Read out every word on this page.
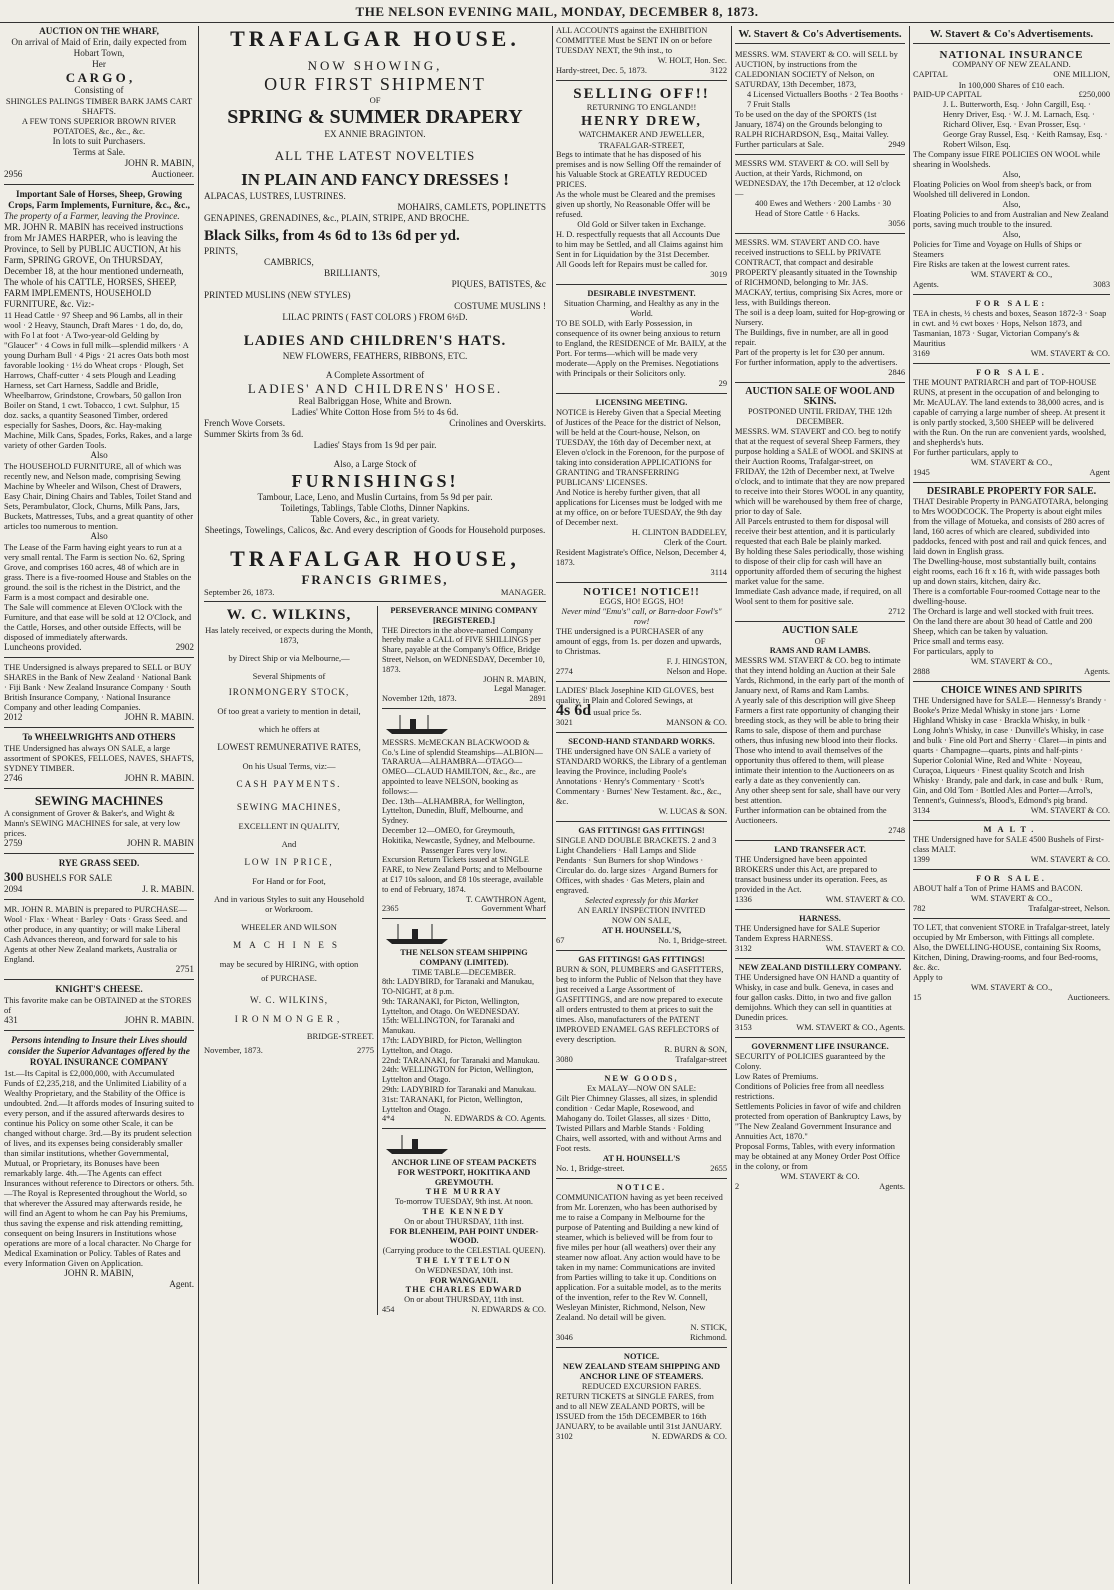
THE NELSON EVENING MAIL, MONDAY, DECEMBER 8, 1873.
AUCTION ON THE WHARF,
On arrival of Maid of Erin, daily expected from Hobart Town,
Her
C A R G O ,
Consisting of
SHINGLES PALINGS TIMBER BARK JAMS CART SHAFTS.
A FEW TONS SUPERIOR BROWN RIVER POTATOES, &c., &c., &c.
In lots to suit Purchasers.
Terms at Sale.
JOHN R. MABIN,
2956	Auctioneer.
Important Sale of Horses, Sheep, Growing Crops, Farm Implements, Furniture, &c., &c.,
The property of a Farmer, leaving the Province.
MR. JOHN R. MABIN has received instructions from Mr JAMES HARPER, who is leaving the Province, to Sell by PUBLIC AUCTION, At his Farm, SPRING GROVE, On THURSDAY, December 18, at the hour mentioned underneath, The whole of his CATTLE, HORSES, SHEEP, FARM IMPLEMENTS, HOUSEHOLD FURNITURE, &c. Viz:-
11 Head Cattle · 97 Sheep and 96 Lambs, all in their wool · 2 Heavy, Staunch, Draft Mares · 1 do, do, do, with Fo l at foot · A Two-year-old Gelding by "Glaucer" · 4 Cows in full milk—splendid milkers · A young Durham Bull · 4 Pigs · 21 acres Oats both most favorable looking · 1½ do Wheat crops · Plough, Set Harrows, Chaff-cutter · 4 sets Plough and Leading Harness, set Cart Harness, Saddle and Bridle, Wheelbarrow, Grindstone, Crowbars, 50 gallon Iron Boiler on Stand, 1 cwt. Tobacco, 1 cwt. Sulphur, 15 doz. sacks, a quantity Seasoned Timber, ordered especially for Sashes, Doors, &c. Hay-making Machine, Milk Cans, Spades, Forks, Rakes, and a large variety of other Garden Tools.
Also
The HOUSEHOLD FURNITURE, all of which was recently new, and Nelson made, comprising Sewing Machine by Wheeler and Wilson, Chest of Drawers, Easy Chair, Dining Chairs and Tables, Toilet Stand and Sets, Perambulator, Clock, Churns, Milk Pans, Jars, Buckets, Mattresses, Tubs, and a great quantity of other articles too numerous to mention.
Also
The Lease of the Farm having eight years to run at a very small rental. The Farm is section No. 62, Spring Grove, and comprises 160 acres, 48 of which are in grass. There is a five-roomed House and Stables on the ground. the soil is the richest in the District, and the Farm is a most compact and desirable one.
The Sale will commence at Eleven O'Clock with the Furniture, and that ease will be sold at 12 O'Clock, and the Cattle, Horses, and other outside Effects, will be disposed of immediately afterwards.
Luncheons provided.	2902
THE Undersigned is always prepared to SELL or BUY SHARES in the Bank of New Zealand · National Bank · Fiji Bank · New Zealand Insurance Company · South British Insurance Company, · National Insurance Company and other leading Companies.
2012	JOHN R. MABIN.
To WHEELWRIGHTS AND OTHERS
THE Undersigned has always ON SALE, a large assortment of SPOKES, FELLOES, NAVES, SHAFTS, SYDNEY TIMBER.
2746	JOHN R. MABIN.
SEWING MACHINES
A consignment of Grover & Baker's, and Wight & Mann's SEWING MACHINES for sale, at very low prices.
2759	JOHN R. MABIN
RYE GRASS SEED.
300 BUSHELS FOR SALE
2094	J. R. MABIN.
MR. JOHN R. MABIN is prepared to PURCHASE— Wool · Flax · Wheat · Barley · Oats · Grass Seed. and other produce, in any quantity; or will make Liberal Cash Advances thereon, and forward for sale to his Agents at other New Zealand markets, Australia or England.
2751
KNIGHT'S CHEESE.
This favorite make can be OBTAINED at the STORES of
431	JOHN R. MABIN.
Persons intending to Insure their Lives should consider the Superior Advantages offered by the
ROYAL INSURANCE COMPANY
1st.—Its Capital is £2,000,000, with Accumulated Funds of £2,235,218, and the Unlimited Liability of a Wealthy Proprietary, and the Stability of the Office is undoubted. 2nd.—It affords modes of Insuring suited to every person, and if the assured afterwards desires to continue his Policy on some other Scale, it can be changed without charge. 3rd.—By its prudent selection of lives, and its expenses being considerably smaller than similar institutions, whether Governmental, Mutual, or Proprietary, its Bonuses have been remarkably large. 4th.—The Agents can effect Insurances without reference to Directors or others. 5th.—The Royal is Represented throughout the World, so that wherever the Assured may afterwards reside, he will find an Agent to whom he can Pay his Premiums, thus saving the expense and risk attending remitting, consequent on being Insurers in Institutions whose operations are more of a local character. No Charge for Medical Examination or Policy. Tables of Rates and every Information Given on Application.
JOHN R. MABIN,
Agent.
TRAFALGAR HOUSE.
NOW SHOWING,
OUR FIRST SHIPMENT
OF
SPRING & SUMMER DRAPERY
EX ANNIE BRAGINTON.
ALL THE LATEST NOVELTIES
IN PLAIN AND FANCY DRESSES !
ALPACAS, LUSTRES, LUSTRINES.
MOHAIRS, CAMLETS, POPLINETTS
GENAPINES, GRENADINES, &c., PLAIN, STRIPE, AND BROCHE.
Black Silks, from 4s 6d to 13s 6d per yd.
PRINTS,
CAMBRICS,
BRILLIANTS,
PIQUES, BATISTES, &c
PRINTED MUSLINS (NEW STYLES)
COSTUME MUSLINS !
LILAC PRINTS ( FAST COLORS ) FROM 6½D.
LADIES AND CHILDREN'S HATS.
NEW FLOWERS, FEATHERS, RIBBONS, ETC.
A Complete Assortment of
LADIES' AND CHILDRENS' HOSE.
Real Balbriggan Hose, White and Brown.
Ladies' White Cotton Hose from 5½ to 4s 6d.
French Wove Corsets.	Crinolines and Overskirts.
Summer Skirts from 3s 6d.
Ladies' Stays from 1s 9d per pair.
Also, a Large Stock of
FURNISHINGS!
Tambour, Lace, Leno, and Muslin Curtains, from 5s 9d per pair.
Toiletings, Tablings, Table Cloths, Dinner Napkins.
Table Covers, &c., in great variety.
Sheetings, Towelings, Calicos, &c. And every description of Goods for Household purposes.
TRAFALGAR HOUSE,
FRANCIS GRIMES,
September 26, 1873.	MANAGER.
W. C. WILKINS,
Has lately received, or expects during the Month, 1873,
by Direct Ship or via Melbourne,—
Several Shipments of
IRONMONGERY STOCK,
Of too great a variety to mention in detail,
which he offers at
LOWEST REMUNERATIVE RATES,
On his Usual Terms, viz:—
CASH PAYMENTS.
SEWING MACHINES,
EXCELLENT IN QUALITY,
And
LOW IN PRICE,
For Hand or for Foot,
And in various Styles to suit any Household
or Workroom.
WHEELER AND WILSON
MACHINES
may be secured by HIRING, with option
of PURCHASE.
W. C. WILKINS,
IRONMONGER,
BRIDGE-STREET.
November, 1873.	2775
PERSEVERANCE MINING COMPANY [REGISTERED.]
THE Directors in the above-named Company hereby make a CALL of FIVE SHILLINGS per Share, payable at the Company's Office, Bridge Street, Nelson, on WEDNESDAY, December 10, 1873.
JOHN R. MABIN,
Legal Manager.
November 12th, 1873.	2891
MESSRS. McMECKAN BLACKWOOD & Co.'s Line of splendid Steamships—ALBION—TARARUA—ALHAMBRA—OTAGO—OMEO—CLAUD HAMILTON, &c., &c., are appointed to leave NELSON, booking as follows:—
Dec. 13th—ALHAMBRA, for Wellington, Lyttelton, Dunedin, Bluff, Melbourne, and Sydney.
December 12—OMEO, for Greymouth, Hokitika, Newcastle, Sydney, and Melbourne.
Passenger Fares very low.
Excursion Return Tickets issued at SINGLE FARE, to New Zealand Ports; and to Melbourne at £17 10s saloon, and £8 10s steerage, available to end of February, 1874.
T. CAWTHRON Agent,
2365	Government Wharf
THE NELSON STEAM SHIPPING COMPANY (LIMITED).
TIME TABLE—DECEMBER.
8th: LADYBIRD, for Taranaki and Manukau, TO-NIGHT, at 8 p.m.
9th: TARANAKI, for Picton, Wellington, Lyttelton, and Otago. On WEDNESDAY.
15th: WELLINGTON, for Taranaki and Manukau.
17th: LADYBIRD, for Picton, Wellington Lyttelton, and Otago.
22nd: TARANAKI, for Taranaki and Manukau.
24th: WELLINGTON for Picton, Wellington, Lyttelton and Otago.
29th: LADYBIRD for Taranaki and Manukau.
31st: TARANAKI, for Picton, Wellington, Lyttelton and Otago.
4*4	N. EDWARDS & CO. Agents.
ANCHOR LINE OF STEAM PACKETS
FOR WESTPORT, HOKITIKA AND GREYMOUTH.
THE MURRAY
To-morrow TUESDAY, 9th inst. At noon.
THE KENNEDY
On or about THURSDAY, 11th inst.
FOR BLENHEIM, PAH POINT UNDER-WOOD.
(Carrying produce to the CELESTIAL QUEEN).
THE LYTTELTON
On WEDNESDAY, 10th inst.
FOR WANGANUI.
THE CHARLES EDWARD
On or about THURSDAY, 11th inst.
454	N. EDWARDS & CO.
ALL ACCOUNTS against the EXHIBITION COMMITTEE Must be SENT IN on or before TUESDAY NEXT, the 9th inst., to
W. HOLT, Hon. Sec.
Hardy-street, Dec. 5, 1873.	3122
SELLING OFF!!
RETURNING TO ENGLAND!!
HENRY DREW,
WATCHMAKER AND JEWELLER,
TRAFALGAR-STREET,
Begs to intimate that he has disposed of his premises and is now Selling Off the remainder of his Valuable Stock at GREATLY REDUCED PRICES.
As the whole must be Cleared and the premises given up shortly, No Reasonable Offer will be refused.
Old Gold or Silver taken in Exchange.
H. D. respectfully requests that all Accounts Due to him may be Settled, and all Claims against him Sent in for Liquidation by the 31st December.
All Goods left for Repairs must be called for.
3019
DESIRABLE INVESTMENT.
Situation Charming, and Healthy as any in the World.
TO BE SOLD, with Early Possession, in consequence of its owner being anxious to return to England, the RESIDENCE of Mr. BAILY, at the Port. For terms—which will be made very moderate—Apply on the Premises. Negotiations with Principals or their Solicitors only.
29
LICENSING MEETING.
NOTICE is Hereby Given that a Special Meeting of Justices of the Peace for the district of Nelson, will be held at the Court-house, Nelson, on TUESDAY, the 16th day of December next, at Eleven o'clock in the Forenoon, for the purpose of taking into consideration APPLICATIONS for GRANTING and TRANSFERRING PUBLICANS' LICENSES.
And Notice is hereby further given, that all applications for Licenses must be lodged with me at my office, on or before TUESDAY, the 9th day of December next.
H. CLINTON BADDELEY,
Clerk of the Court.
Resident Magistrate's Office, Nelson, December 4, 1873.
3114
NOTICE! NOTICE!!
EGGS, HO! EGGS, HO!
Never mind "Emu's" call, or Barn-door Fowl's" row!
THE undersigned is a PURCHASER of any amount of eggs, from 1s. per dozen and upwards, to Christmas.
F. J. HINGSTON,
2774	Nelson and Hope.
LADIES' Black Josephine KID GLOVES, best quality, in Plain and Colored Sewings, at
4s 6d usual price 5s.
3021	MANSON & CO.
SECOND-HAND STANDARD WORKS.
THE undersigned have ON SALE a variety of STANDARD WORKS, the Library of a gentleman leaving the Province, including Poole's Annotations · Henry's Commentary · Scott's Commentary · Burnes' New Testament. &c., &c., &c.
W. LUCAS & SON.
GAS FITTINGS! GAS FITTINGS!
SINGLE AND DOUBLE BRACKETS. 2 and 3 Light Chandeliers · Hall Lamps and Slide Pendants · Sun Burners for shop Windows · Circular do. do. large sizes · Argand Burners for Offices, with shades · Gas Meters, plain and engraved.
Selected expressly for this Market
AN EARLY INSPECTION INVITED
NOW ON SALE,
AT H. HOUNSELL'S,
67	No. 1, Bridge-street.
GAS FITTINGS! GAS FITTINGS!
BURN & SON, PLUMBERS and GASFITTERS, beg to inform the Public of Nelson that they have just received a Large Assortment of GASFITTINGS, and are now prepared to execute all orders entrusted to them at prices to suit the times. Also, manufacturers of the PATENT IMPROVED ENAMEL GAS REFLECTORS of every description.
R. BURN & SON,
3080	Trafalgar-street
NEW GOODS,
Ex MALAY—NOW ON SALE:
Gilt Pier Chimney Glasses, all sizes, in splendid condition · Cedar Maple, Rosewood, and Mahogany do. Toilet Glasses, all sizes · Ditto, Twisted Pillars and Marble Stands · Folding Chairs, well assorted, with and without Arms and Foot rests.
AT H. HOUNSELL'S
No. 1, Bridge-street.	2655
NOTICE.
COMMUNICATION having as yet been received from Mr. Lorenzen, who has been authorised by me to raise a Company in Melbourne for the purpose of Patenting and Building a new kind of steamer, which is believed will be from four to five miles per hour (all weathers) over their any steamer now afloat. Any action would have to be taken in my name: Communications are invited from Parties willing to take it up. Conditions on application. For a suitable model, as to the merits of the invention, refer to the Rev W. Connell, Wesleyan Minister, Richmond, Nelson, New Zealand. No detail will be given.
N. STICK,
3046	Richmond.
NOTICE.
NEW ZEALAND STEAM SHIPPING AND ANCHOR LINE OF STEAMERS.
REDUCED EXCURSION FARES.
RETURN TICKETS at SINGLE FARES, from and to all NEW ZEALAND PORTS, will be ISSUED from the 15th DECEMBER to 16th JANUARY, to be available until 31st JANUARY.
3102	N. EDWARDS & CO.
W. Stavert & Co's Advertisements.
MESSRS. WM. STAVERT & CO. will SELL by AUCTION, by instructions from the CALEDONIAN SOCIETY of Nelson, on SATURDAY, 13th December, 1873,
4 Licensed Victuallers Booths · 2 Tea Booths · 7 Fruit Stalls
To be used on the day of the SPORTS (1st January, 1874) on the Grounds belonging to RALPH RICHARDSON, Esq., Maitai Valley.
Further particulars at Sale.	2949
MESSRS WM. STAVERT & CO. will Sell by Auction, at their Yards, Richmond, on WEDNESDAY, the 17th December, at 12 o'clock—
400 Ewes and Wethers · 200 Lambs · 30 Head of Store Cattle · 6 Hacks.
3056
MESSRS. WM. STAVERT AND CO. have received instructions to SELL by PRIVATE CONTRACT, that compact and desirable PROPERTY pleasantly situated in the Township of RICHMOND, belonging to Mr. JAS. MACKAY, tertius, comprising Six Acres, more or less, with Buildings thereon.
The soil is a deep loam, suited for Hop-growing or Nursery.
The Buildings, five in number, are all in good repair.
Part of the property is let for £30 per annum.
For further information, apply to the advertisers.
2846
AUCTION SALE OF WOOL AND SKINS.
POSTPONED UNTIL FRIDAY, THE 12th DECEMBER.
MESSRS. WM. STAVERT and CO. beg to notify that at the request of several Sheep Farmers, they purpose holding a SALE of WOOL and SKINS at their Auction Rooms, Trafalgar-street, on FRIDAY, the 12th of December next, at Twelve o'clock, and to intimate that they are now prepared to receive into their Stores WOOL in any quantity, which will be warehoused by them free of charge, prior to day of Sale.
All Parcels entrusted to them for disposal will receive their best attention, and it is particularly requested that each Bale be plainly marked.
By holding these Sales periodically, those wishing to dispose of their clip for cash will have an opportunity afforded them of securing the highest market value for the same.
Immediate Cash advance made, if required, on all Wool sent to them for positive sale.
2712
AUCTION SALE
OF
RAMS AND RAM LAMBS.
MESSRS WM. STAVERT & CO. beg to intimate that they intend holding an Auction at their Sale Yards, Richmond, in the early part of the month of January next, of Rams and Ram Lambs.
A yearly sale of this description will give Sheep Farmers a first rate opportunity of changing their breeding stock, as they will be able to bring their Rams to sale, dispose of them and purchase others, thus infusing new blood into their flocks.
Those who intend to avail themselves of the opportunity thus offered to them, will please intimate their intention to the Auctioneers on as early a date as they conveniently can.
Any other sheep sent for sale, shall have our very best attention.
Further information can be obtained from the Auctioneers.
2748
LAND TRANSFER ACT.
THE Undersigned have been appointed BROKERS under this Act, are prepared to transact business under its operation. Fees, as provided in the Act.
1336	WM. STAVERT & CO.
HARNESS.
THE Undersigned have for SALE Superior Tandem Express HARNESS.
3132	WM. STAVERT & CO.
NEW ZEALAND DISTILLERY COMPANY.
THE Undersigned have ON HAND a quantity of Whisky, in case and bulk. Geneva, in cases and four gallon casks. Ditto, in two and five gallon demijohns. Which they can sell in quantities at Dunedin prices.
3153	WM. STAVERT & CO., Agents.
GOVERNMENT LIFE INSURANCE.
SECURITY of POLICIES guaranteed by the Colony.
Low Rates of Premiums.
Conditions of Policies free from all needless restrictions.
Settlements Policies in favor of wife and children protected from operation of Bankruptcy Laws, by "The New Zealand Government Insurance and Annuities Act, 1870."
Proposal Forms, Tables, with every information may be obtained at any Money Order Post Office in the colony, or from
WM. STAVERT & CO.
2	Agents.
W. Stavert & Co's Advertisements.
NATIONAL INSURANCE
COMPANY OF NEW ZEALAND.
CAPITAL	ONE MILLION,
In 100,000 Shares of £10 each.
PAID-UP CAPITAL	£250,000
J. L. Butterworth, Esq. · John Cargill, Esq. · Henry Driver, Esq. · W. J. M. Larnach, Esq. · Richard Oliver, Esq. · Evan Prosser, Esq. · George Gray Russel, Esq. · Keith Ramsay, Esq. · Robert Wilson, Esq.
The Company issue FIRE POLICIES ON WOOL while shearing in Woolsheds.
Also,
Floating Policies on Wool from sheep's back, or from Woolshed till delivered in London.
Also,
Floating Policies to and from Australian and New Zealand ports, saving much trouble to the insured.
Also,
Policies for Time and Voyage on Hulls of Ships or Steamers
Fire Risks are taken at the lowest current rates.
WM. STAVERT & CO.,
Agents.	3083
FOR SALE:
TEA in chests, ½ chests and boxes, Season 1872-3 · Soap in cwt. and ½ cwt boxes · Hops, Nelson 1873, and Tasmanian, 1873 · Sugar, Victorian Company's & Mauritius
3169	WM. STAVERT & CO.
FOR SALE.
THE MOUNT PATRIARCH and part of TOP-HOUSE RUNS, at present in the occupation of and belonging to Mr. McAULAY. The land extends to 38,000 acres, and is capable of carrying a large number of sheep. At present it is only partly stocked, 3,500 SHEEP will be delivered with the Run. On the run are convenient yards, woolshed, and shepherds's huts.
For further particulars, apply to
WM. STAVERT & CO.,
1945	Agent
DESIRABLE PROPERTY FOR SALE.
THAT Desirable Property in PANGATOTARA, belonging to Mrs WOODCOCK. The Property is about eight miles from the village of Motueka, and consists of 280 acres of land, 160 acres of which are cleared, subdivided into paddocks, fenced with post and rail and quick fences, and laid down in English grass.
The Dwelling-house, most substantially built, contains eight rooms, each 16 ft x 16 ft, with wide passages both up and down stairs, kitchen, dairy &c.
There is a comfortable Four-roomed Cottage near to the dwelling-house.
The Orchard is large and well stocked with fruit trees.
On the land there are about 30 head of Cattle and 200 Sheep, which can be taken by valuation.
Price small and terms easy.
For particulars, apply to
WM. STAVERT & CO.,
2888	Agents.
CHOICE WINES AND SPIRITS
THE Undersigned have for SALE— Hennessy's Brandy · Booke's Prize Medal Whisky in stone jars · Lorne Highland Whisky in case · Brackla Whisky, in bulk · Long John's Whisky, in case · Dunville's Whisky, in case and bulk · Fine old Port and Sherry · Claret—in pints and quarts · Champagne—quarts, pints and half-pints · Superior Colonial Wine, Red and White · Noyeau, Curaçoa, Liqueurs · Finest quality Scotch and Irish Whisky · Brandy, pale and dark, in case and bulk · Rum, Gin, and Old Tom · Bottled Ales and Porter—Arrol's, Tennent's, Guinness's, Blood's, Edmond's pig brand.
3134	WM. STAVERT & CO.
MALT.
THE Undersigned have for SALE 4500 Bushels of First-class MALT.
1399	WM. STAVERT & CO.
FOR SALE.
ABOUT half a Ton of Prime HAMS and BACON.
WM. STAVERT & CO.,
782	Trafalgar-street, Nelson.
TO LET, that convenient STORE in Trafalgar-street, lately occupied by Mr Emberson, with Fittings all complete.
Also, the DWELLING-HOUSE, containing Six Rooms, Kitchen, Dining, Drawing-rooms, and four Bed-rooms, &c. &c.
Apply to
WM. STAVERT & CO.,
15	Auctioneers.
